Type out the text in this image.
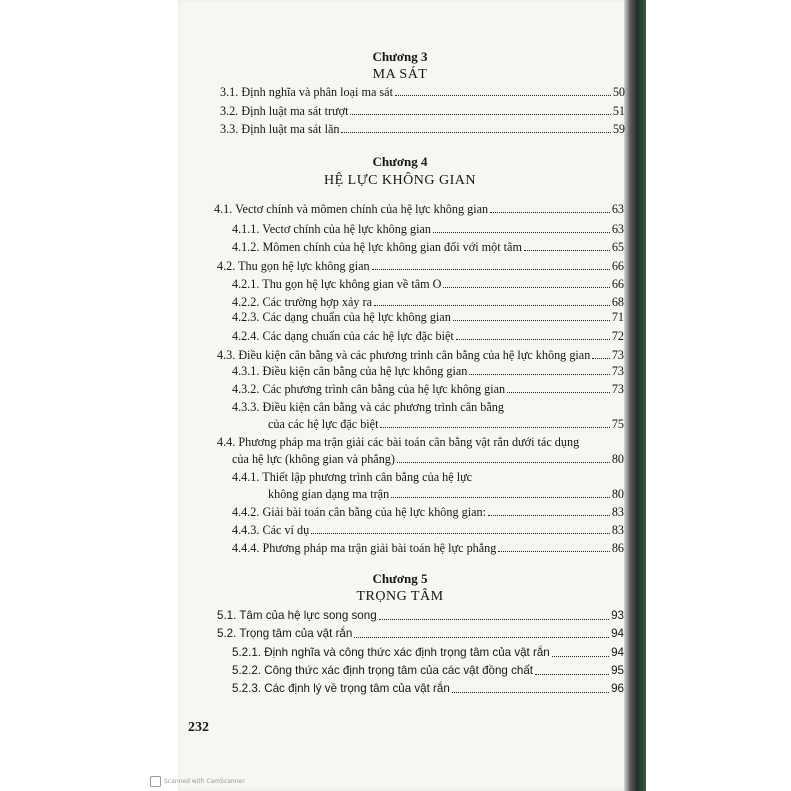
Chương 3
MA SÁT
3.1. Định nghĩa và phân loại ma sát	50
3.2. Định luật ma sát trượt	51
3.3. Định luật ma sát lăn	59
Chương 4
HỆ LỰC KHÔNG GIAN
4.1. Vectơ chính và mômen chính của hệ lực không gian	63
4.1.1. Vectơ chính của hệ lực không gian	63
4.1.2. Mômen chính của hệ lực không gian đối với một tâm	65
4.2. Thu gọn hệ lực không gian	66
4.2.1. Thu gọn hệ lực không gian về tâm O	66
4.2.2. Các trường hợp xảy ra	68
4.2.3. Các dạng chuẩn của hệ lực không gian	71
4.2.4. Các dạng chuẩn của các hệ lực đặc biệt	72
4.3. Điều kiện cân bằng và các phương trình cân bằng của hệ lực không gian 73
4.3.1. Điều kiện cân bằng của hệ lực không gian	73
4.3.2. Các phương trình cân bằng của hệ lực không gian	73
4.3.3. Điều kiện cân bằng và các phương trình cân bằng
của các hệ lực đặc biệt	75
4.4. Phương pháp ma trận giải các bài toán cân bằng vật rắn dưới tác dụng
của hệ lực (không gian và phẳng)	80
4.4.1. Thiết lập phương trình cân bằng của hệ lực
không gian dạng ma trận	80
4.4.2. Giải bài toán cân bằng của hệ lực không gian:	83
4.4.3. Các ví dụ	83
4.4.4. Phương pháp ma trận giải bài toán hệ lực phẳng	86
Chương 5
TRỌNG TÂM
5.1. Tâm của hệ lực song song	93
5.2. Trọng tâm của vật rắn	94
5.2.1. Định nghĩa và công thức xác định trọng tâm của vật rắn	94
5.2.2. Công thức xác định trọng tâm của các vật đồng chất	95
5.2.3. Các định lý về trọng tâm của vật rắn	96
232
Scanned with CamScanner
